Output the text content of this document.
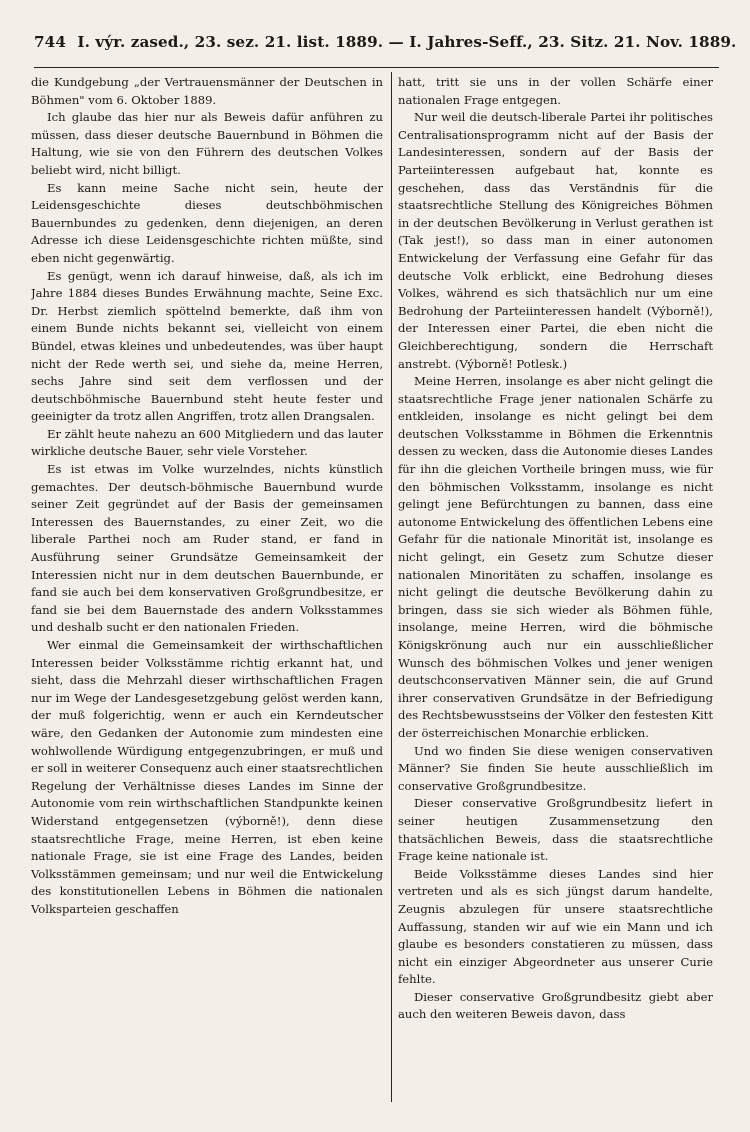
744 I. výr. zased., 23. sez. 21. list. 1889. — I. Jahres-Seff., 23. Sitz. 21. Nov. 1889.

die Kundgebung „der Vertrauensmänner der Deutschen in Böhmen" vom 6. Oktober 1889.

Ich glaube das hier nur als Beweis dafür anführen zu müssen, dass dieser deutsche Bauernbund in Böhmen die Haltung, wie sie von den Führern des deutschen Volkes beliebt wird, nicht billigt.

Es kann meine Sache nicht sein, heute der Leidensgeschichte dieses deutschböhmischen Bauernbundes zu gedenken, denn diejenigen, an deren Adresse ich diese Leidensgeschichte richten müßte, sind eben nicht gegenwärtig.

Es genügt, wenn ich darauf hinweise, daß, als ich im Jahre 1884 dieses Bundes Erwähnung machte, Seine Exc. Dr. Herbst ziemlich spöttelnd bemerkte, daß ihm von einem Bunde nichts bekannt sei, vielleicht von einem Bündel, etwas kleines und unbedeutendes, was über haupt nicht der Rede werth sei, und siehe da, meine Herren, sechs Jahre sind seit dem verflossen und der deutschböhmische Bauernbund steht heute fester und geeinigter da trotz allen Angriffen, trotz allen Drangsalen.

Er zählt heute nahezu an 600 Mitgliedern und das lauter wirkliche deutsche Bauer, sehr viele Vorsteher.

Es ist etwas im Volke wurzelndes, nichts künstlich gemachtes. Der deutsch-böhmische Bauernbund wurde seiner Zeit gegründet auf der Basis der gemeinsamen Interessen des Bauernstandes, zu einer Zeit, wo die liberale Parthei noch am Ruder stand, er fand in Ausführung seiner Grundsätze Gemeinsamkeit der Interessien nicht nur in dem deutschen Bauernbunde, er fand sie auch bei dem konservativen Großgrundbesitze, er fand sie bei dem Bauernstade des andern Volksstammes und deshalb sucht er den nationalen Frieden.

Wer einmal die Gemeinsamkeit der wirthschaftlichen Interessen beider Volksstämme richtig erkannt hat, und sieht, dass die Mehrzahl dieser wirthschaftlichen Fragen nur im Wege der Landesgesetzgebung gelöst werden kann, der muß folgerichtig, wenn er auch ein Kerndeutscher wäre, den Gedanken der Autonomie zum mindesten eine wohlwollende Würdigung entgegenzubringen, er muß und er soll in weiterer Consequenz auch einer staatsrechtlichen Regelung der Verhältnisse dieses Landes im Sinne der Autonomie vom rein wirthschaftlichen Standpunkte keinen Widerstand entgegensetzen (výborně!), denn diese staatsrechtliche Frage, meine Herren, ist eben keine nationale Frage, sie ist eine Frage des Landes, beiden Volksstämmen gemeinsam; und nur weil die Entwickelung des konstitutionellen Lebens in Böhmen die nationalen Volksparteien geschaffen

hatt, tritt sie uns in der vollen Schärfe einer nationalen Frage entgegen.

Nur weil die deutsch-liberale Partei ihr politisches Centralisationsprogramm nicht auf der Basis der Landesinteressen, sondern auf der Basis der Parteiinteressen aufgebaut hat, konnte es geschehen, dass das Verständnis für die staatsrechtliche Stellung des Königreiches Böhmen in der deutschen Bevölkerung in Verlust gerathen ist (Tak jest!), so dass man in einer autonomen Entwickelung der Verfassung eine Gefahr für das deutsche Volk erblickt, eine Bedrohung dieses Volkes, während es sich thatsächlich nur um eine Bedrohung der Parteiinteressen handelt (Výborně!), der Interessen einer Partei, die eben nicht die Gleichberechtigung, sondern die Herrschaft anstrebt. (Výborně! Potlesk.)

Meine Herren, insolange es aber nicht gelingt die staatsrechtliche Frage jener nationalen Schärfe zu entkleiden, insolange es nicht gelingt bei dem deutschen Volksstamme in Böhmen die Erkenntnis dessen zu wecken, dass die Autonomie dieses Landes für ihn die gleichen Vortheile bringen muss, wie für den böhmischen Volksstamm, insolange es nicht gelingt jene Befürchtungen zu bannen, dass eine autonome Entwickelung des öffentlichen Lebens eine Gefahr für die nationale Minorität ist, insolange es nicht gelingt, ein Gesetz zum Schutze dieser nationalen Minoritäten zu schaffen, insolange es nicht gelingt die deutsche Bevölkerung dahin zu bringen, dass sie sich wieder als Böhmen fühle, insolange, meine Herren, wird die böhmische Königskrönung auch nur ein ausschließlicher Wunsch des böhmischen Volkes und jener wenigen deutschconservativen Männer sein, die auf Grund ihrer conservativen Grundsätze in der Befriedigung des Rechtsbewusstseins der Völker den festesten Kitt der österreichischen Monarchie erblicken.

Und wo finden Sie diese wenigen conservativen Männer? Sie finden Sie heute ausschließlich im conservative Großgrundbesitze.

Dieser conservative Großgrundbesitz liefert in seiner heutigen Zusammensetzung den thatsächlichen Beweis, dass die staatsrechtliche Frage keine nationale ist.

Beide Volksstämme dieses Landes sind hier vertreten und als es sich jüngst darum handelte, Zeugnis abzulegen für unsere staatsrechtliche Auffassung, standen wir auf wie ein Mann und ich glaube es besonders constatieren zu müssen, dass nicht ein einziger Abgeordneter aus unserer Curie fehlte.

Dieser conservative Großgrundbesitz giebt aber auch den weiteren Beweis davon, dass
